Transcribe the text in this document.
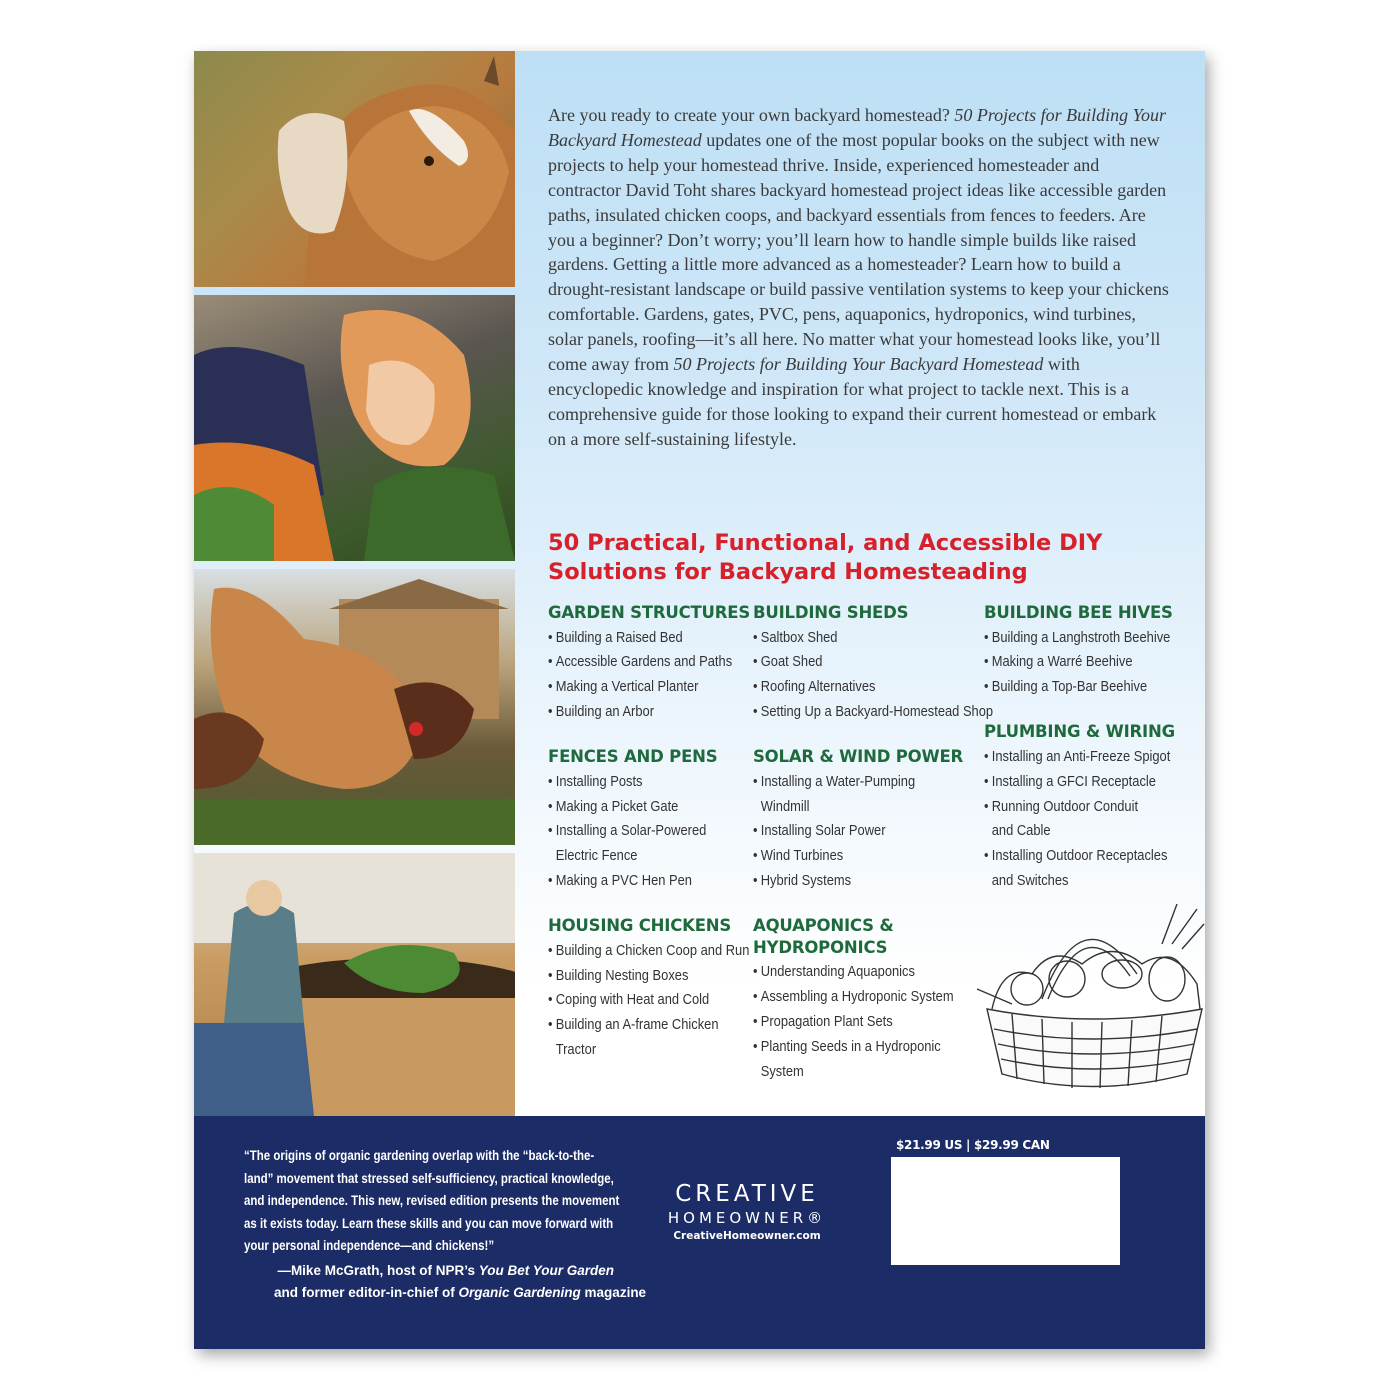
Are you ready to create your own backyard homestead? 50 Projects for Building Your Backyard Homestead updates one of the most popular books on the subject with new projects to help your homestead thrive. Inside, experienced homesteader and contractor David Toht shares backyard homestead project ideas like accessible garden paths, insulated chicken coops, and backyard essentials from fences to feeders. Are you a beginner? Don’t worry; you’ll learn how to handle simple builds like raised gardens. Getting a little more advanced as a homesteader? Learn how to build a drought-resistant landscape or build passive ventilation systems to keep your chickens comfortable. Gardens, gates, PVC, pens, aquaponics, hydroponics, wind turbines, solar panels, roofing—it’s all here. No matter what your homestead looks like, you’ll come away from 50 Projects for Building Your Backyard Homestead with encyclopedic knowledge and inspiration for what project to tackle next. This is a comprehensive guide for those looking to expand their current homestead or embark on a more self-sustaining lifestyle.

50 Practical, Functional, and Accessible DIY
Solutions for Backyard Homesteading
GARDEN STRUCTURES
• Building a Raised Bed
• Accessible Gardens and Paths
• Making a Vertical Planter
• Building an Arbor
FENCES AND PENS
• Installing Posts
• Making a Picket Gate
• Installing a Solar-Powered
Electric Fence
• Making a PVC Hen Pen
HOUSING CHICKENS
• Building a Chicken Coop and Run
• Building Nesting Boxes
• Coping with Heat and Cold
• Building an A-frame Chicken
Tractor
BUILDING SHEDS
• Saltbox Shed
• Goat Shed
• Roofing Alternatives
• Setting Up a Backyard-Homestead Shop
SOLAR & WIND POWER
• Installing a Water-Pumping
Windmill
• Installing Solar Power
• Wind Turbines
• Hybrid Systems
AQUAPONICS &
HYDROPONICS
• Understanding Aquaponics
• Assembling a Hydroponic System
• Propagation Plant Sets
• Planting Seeds in a Hydroponic
System
BUILDING BEE HIVES
• Building a Langhstroth Beehive
• Making a Warré Beehive
• Building a Top-Bar Beehive
PLUMBING & WIRING
• Installing an Anti-Freeze Spigot
• Installing a GFCI Receptacle
• Running Outdoor Conduit
and Cable
• Installing Outdoor Receptacles
and Switches

“The origins of organic gardening overlap with the “back-to-the-land” movement that stressed self-sufficiency, practical knowledge, and independence. This new, revised edition presents the movement as it exists today. Learn these skills and you can move forward with your personal independence—and chickens!”

—Mike McGrath, host of NPR’s You Bet Your Garden
and former editor-in-chief of Organic Gardening magazine
CREATIVE
HOMEOWNER®
CreativeHomeowner.com
$21.99 US | $29.99 CAN
